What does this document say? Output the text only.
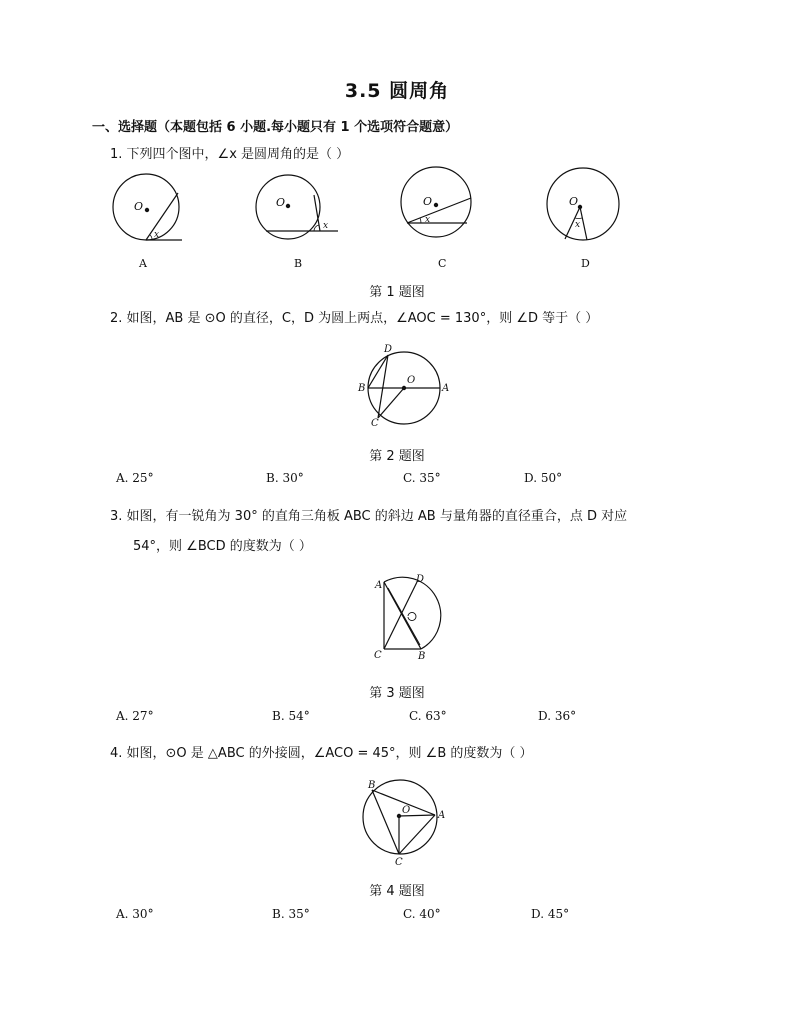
3.5 圆周角
一、选择题（本题包括 6 小题.每小题只有 1 个选项符合题意）
1. 下列四个图中，∠x 是圆周角的是（ ）
O
x
A
O
x
B
O
x
C
O
x
D
第 1 题图
2. 如图，AB 是 ⊙O 的直径，C，D 为圆上两点，∠AOC = 130°，则 ∠D 等于（ ）
D
B
O
A
C
第 2 题图
A. 25°	B. 30°	C. 35°	D. 50°
3. 如图，有一锐角为 30° 的直角三角板 ABC 的斜边 AB 与量角器的直径重合，点 D 对应
54°，则 ∠BCD 的度数为（ ）
A
D
C	B
第 3 题图
A. 27°	B. 54°	C. 63°	D. 36°
4. 如图，⊙O 是 △ABC 的外接圆，∠ACO = 45°，则 ∠B 的度数为（ ）
B
O	A
C
第 4 题图
A. 30°	B. 35°	C. 40°	D. 45°
